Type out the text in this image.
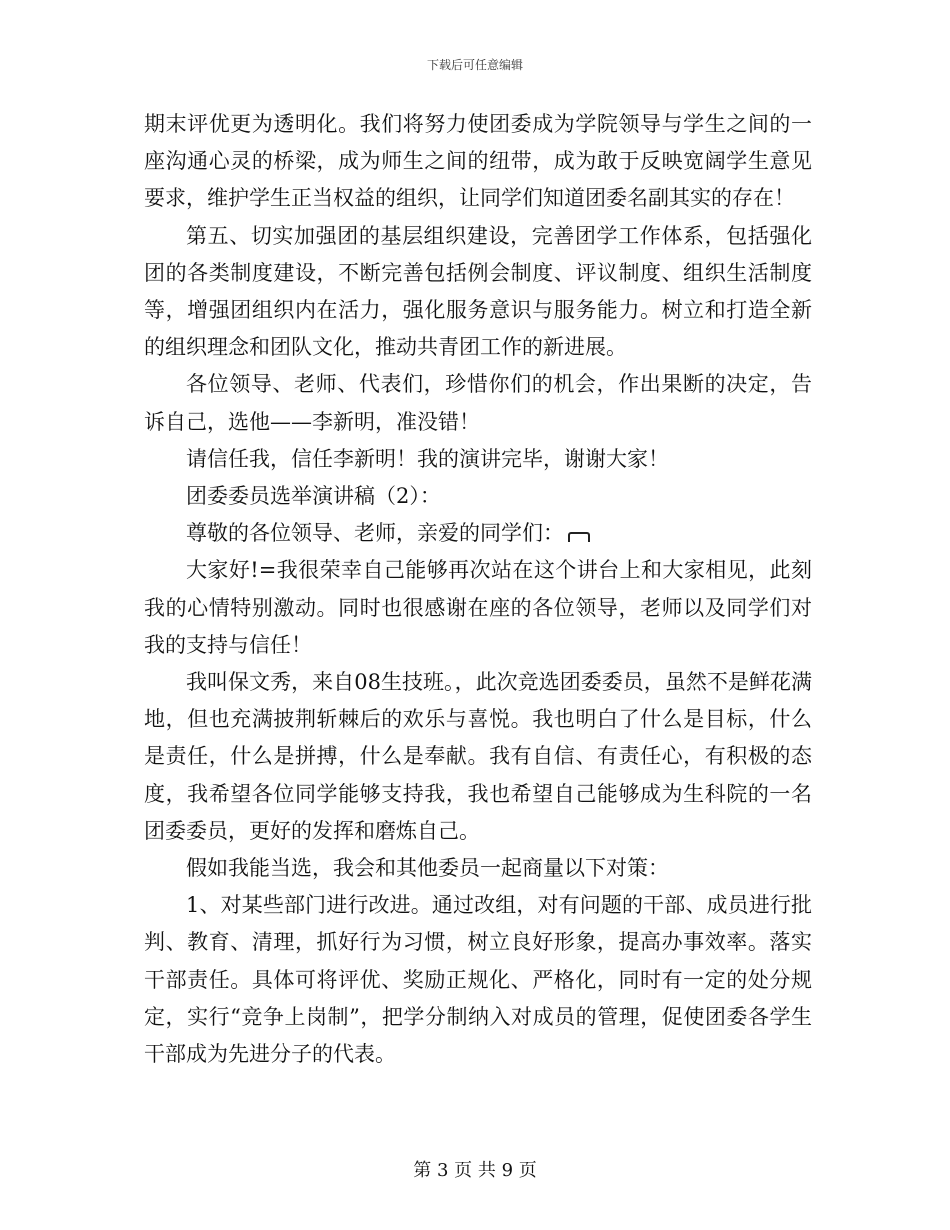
下载后可任意编辑

期末评优更为透明化。我们将努力使团委成为学院领导与学生之间的一座沟通心灵的桥梁，成为师生之间的纽带，成为敢于反映宽阔学生意见要求，维护学生正当权益的组织，让同学们知道团委名副其实的存在！

第五、切实加强团的基层组织建设，完善团学工作体系，包括强化团的各类制度建设，不断完善包括例会制度、评议制度、组织生活制度等，增强团组织内在活力，强化服务意识与服务能力。树立和打造全新的组织理念和团队文化，推动共青团工作的新进展。

各位领导、老师、代表们，珍惜你们的机会，作出果断的决定，告诉自己，选他——李新明，准没错！

请信任我，信任李新明！我的演讲完毕，谢谢大家！

团委委员选举演讲稿（2）：

尊敬的各位领导、老师，亲爱的同学们：

大家好!=我很荣幸自己能够再次站在这个讲台上和大家相见，此刻我的心情特别激动。同时也很感谢在座的各位领导，老师以及同学们对我的支持与信任！

我叫保文秀，来自08生技班。，此次竞选团委委员，虽然不是鲜花满地，但也充满披荆斩棘后的欢乐与喜悦。我也明白了什么是目标，什么是责任，什么是拼搏，什么是奉献。我有自信、有责任心，有积极的态度，我希望各位同学能够支持我，我也希望自己能够成为生科院的一名团委委员，更好的发挥和磨炼自己。

假如我能当选，我会和其他委员一起商量以下对策：

1、对某些部门进行改进。通过改组，对有问题的干部、成员进行批判、教育、清理，抓好行为习惯，树立良好形象，提高办事效率。落实干部责任。具体可将评优、奖励正规化、严格化，同时有一定的处分规定，实行“竞争上岗制”，把学分制纳入对成员的管理，促使团委各学生干部成为先进分子的代表。

第 3 页 共 9 页
